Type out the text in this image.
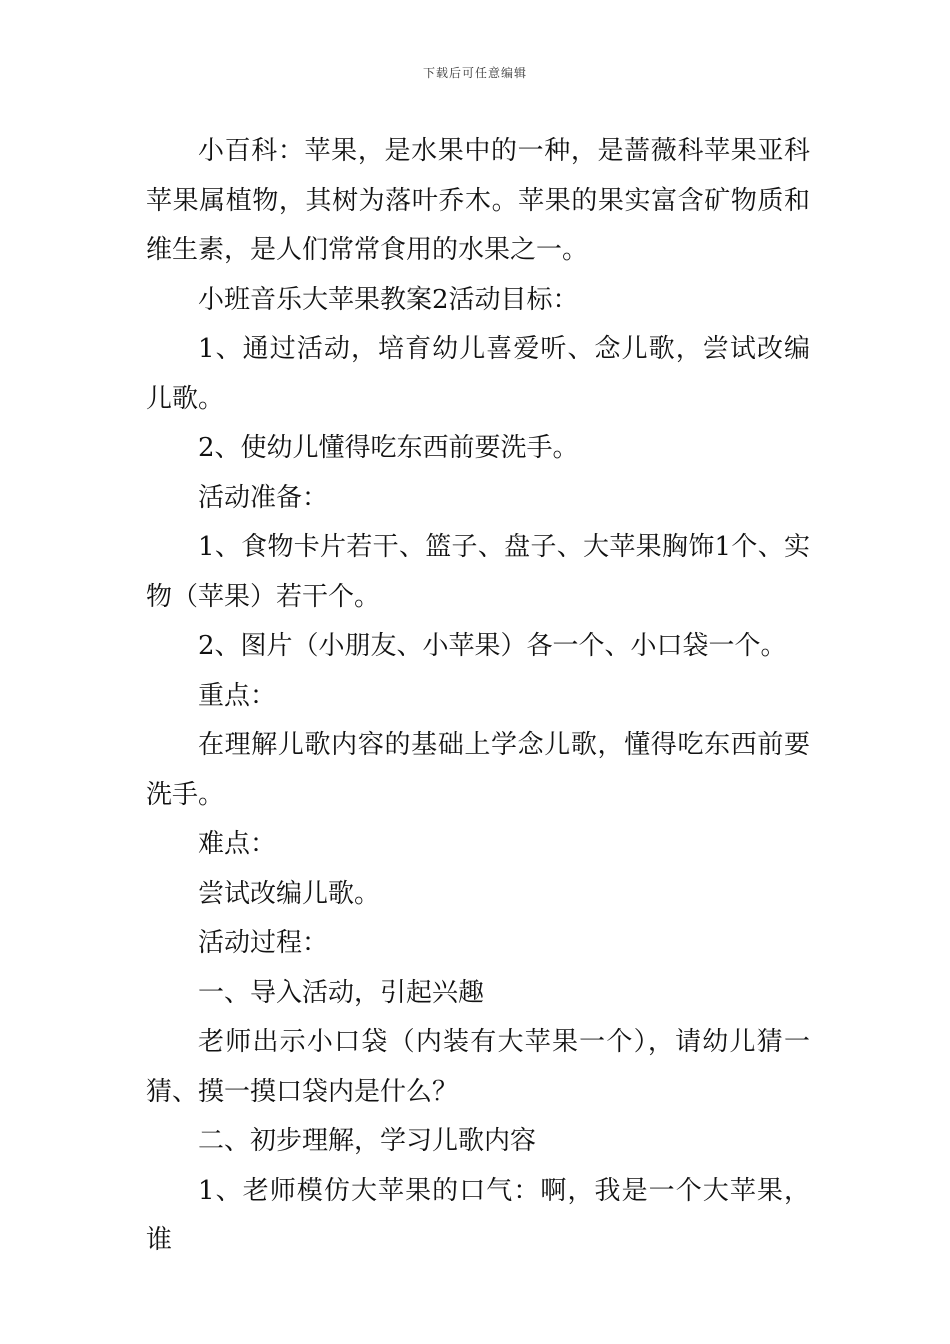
下载后可任意编辑

小百科：苹果，是水果中的一种，是蔷薇科苹果亚科苹果属植物，其树为落叶乔木。苹果的果实富含矿物质和维生素，是人们常常食用的水果之一。

小班音乐大苹果教案2活动目标：

1、通过活动，培育幼儿喜爱听、念儿歌，尝试改编儿歌。

2、使幼儿懂得吃东西前要洗手。

活动准备：

1、食物卡片若干、篮子、盘子、大苹果胸饰1个、实物（苹果）若干个。

2、图片（小朋友、小苹果）各一个、小口袋一个。

重点：

在理解儿歌内容的基础上学念儿歌，懂得吃东西前要洗手。

难点：

尝试改编儿歌。

活动过程：

一、导入活动，引起兴趣

老师出示小口袋（内装有大苹果一个），请幼儿猜一猜、摸一摸口袋内是什么？

二、初步理解，学习儿歌内容

1、老师模仿大苹果的口气：啊，我是一个大苹果，谁
